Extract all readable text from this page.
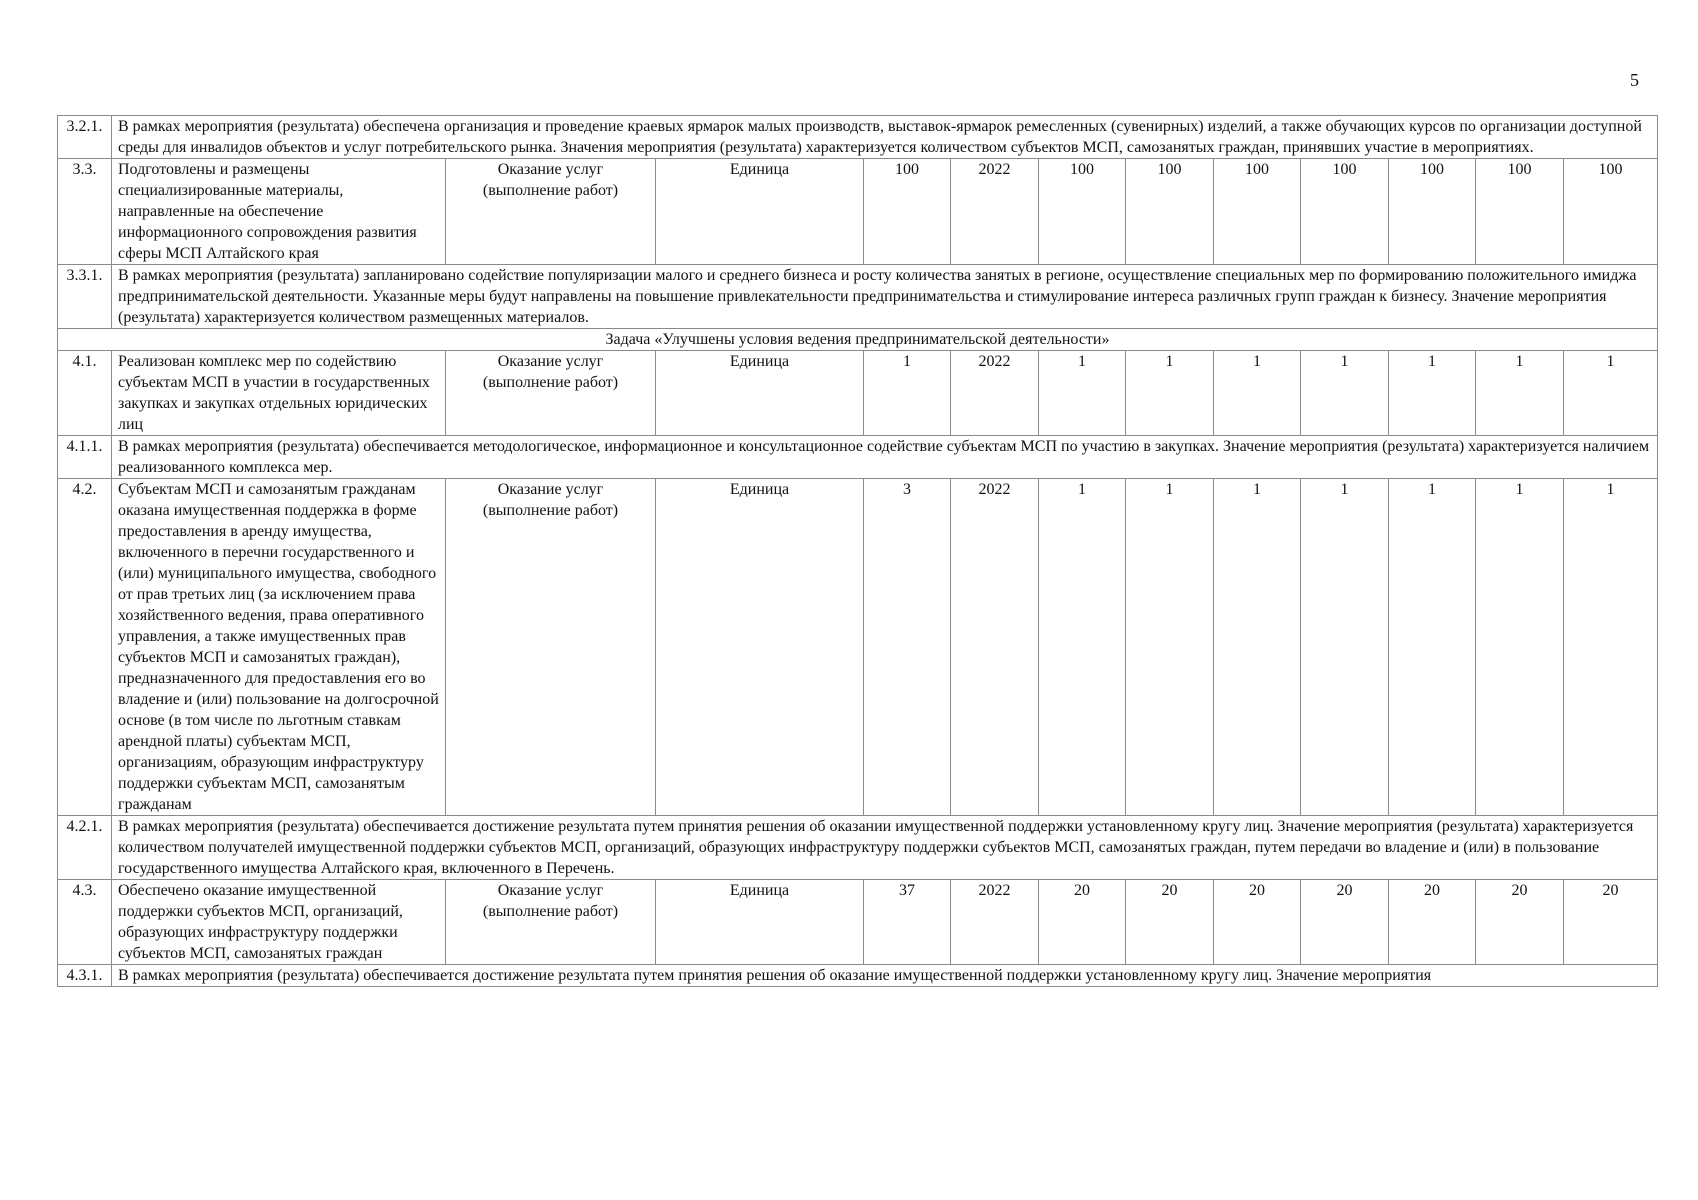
5
3.2.1.	В рамках мероприятия (результата) обеспечена организация и проведение краевых ярмарок малых производств, выставок-ярмарок ремесленных (сувенирных) изделий, а также обучающих курсов по организации доступной среды для инвалидов объектов и услуг потребительского рынка. Значения мероприятия (результата) характеризуется количеством субъектов МСП, самозанятых граждан, принявших участие в мероприятиях.											
3.3.	Подготовлены и размещены специализированные материалы, направленные на обеспечение информационного сопровождения развития сферы МСП Алтайского края	Оказание услуг (выполнение работ)	Единица	100	2022	100	100	100	100	100	100	100
3.3.1.	В рамках мероприятия (результата) запланировано содействие популяризации малого и среднего бизнеса и росту количества занятых в регионе, осуществление специальных мер по формированию положительного имиджа предпринимательской деятельности. Указанные меры будут направлены на повышение привлекательности предпринимательства и стимулирование интереса различных групп граждан к бизнесу. Значение мероприятия (результата) характеризуется количеством размещенных материалов.											
Задача «Улучшены условия ведения предпринимательской деятельности»												
4.1.	Реализован комплекс мер по содействию субъектам МСП в участии в государственных закупках и закупках отдельных юридических лиц	Оказание услуг (выполнение работ)	Единица	1	2022	1	1	1	1	1	1	1
4.1.1.	В рамках мероприятия (результата) обеспечивается методологическое, информационное и консультационное содействие субъектам МСП по участию в закупках. Значение мероприятия (результата) характеризуется наличием реализованного комплекса мер.											
4.2.	Субъектам МСП и самозанятым гражданам оказана имущественная поддержка в форме предоставления в аренду имущества, включенного в перечни государственного и (или) муниципального имущества, свободного от прав третьих лиц (за исключением права хозяйственного ведения, права оперативного управления, а также имущественных прав субъектов МСП и самозанятых граждан), предназначенного для предоставления его во владение и (или) пользование на долгосрочной основе (в том числе по льготным ставкам арендной платы) субъектам МСП, организациям, образующим инфраструктуру поддержки субъектам МСП, самозанятым гражданам	Оказание услуг (выполнение работ)	Единица	3	2022	1	1	1	1	1	1	1
4.2.1.	В рамках мероприятия (результата) обеспечивается достижение результата путем принятия решения об оказании имущественной поддержки установленному кругу лиц. Значение мероприятия (результата) характеризуется количеством получателей имущественной поддержки субъектов МСП, организаций, образующих инфраструктуру поддержки субъектов МСП, самозанятых граждан, путем передачи во владение и (или) в пользование государственного имущества Алтайского края, включенного в Перечень.											
4.3.	Обеспечено оказание имущественной поддержки субъектов МСП, организаций, образующих инфраструктуру поддержки субъектов МСП, самозанятых граждан	Оказание услуг (выполнение работ)	Единица	37	2022	20	20	20	20	20	20	20
4.3.1.	В рамках мероприятия (результата) обеспечивается достижение результата путем принятия решения об оказание имущественной поддержки установленному кругу лиц. Значение мероприятия											
